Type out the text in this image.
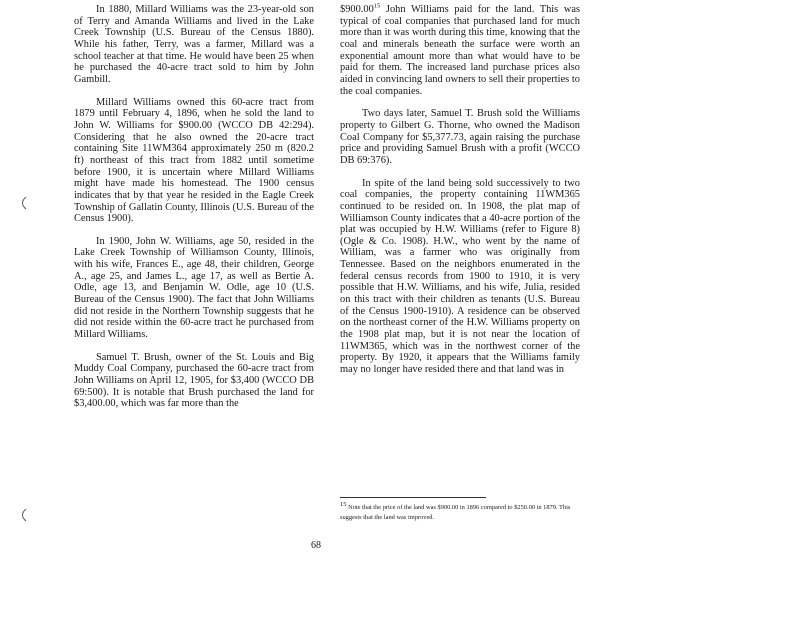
In 1880, Millard Williams was the 23-year-old son of Terry and Amanda Williams and lived in the Lake Creek Township (U.S. Bureau of the Census 1880). While his father, Terry, was a farmer, Millard was a school teacher at that time. He would have been 25 when he purchased the 40-acre tract sold to him by John Gambill.

Millard Williams owned this 60-acre tract from 1879 until February 4, 1896, when he sold the land to John W. Williams for $900.00 (WCCO DB 42:294). Considering that he also owned the 20-acre tract containing Site 11WM364 approximately 250 m (820.2 ft) northeast of this tract from 1882 until sometime before 1900, it is uncertain where Millard Williams might have made his homestead. The 1900 census indicates that by that year he resided in the Eagle Creek Township of Gallatin County, Illinois (U.S. Bureau of the Census 1900).

In 1900, John W. Williams, age 50, resided in the Lake Creek Township of Williamson County, Illinois, with his wife, Frances E., age 48, their children, George A., age 25, and James L., age 17, as well as Bertie A. Odle, age 13, and Benjamin W. Odle, age 10 (U.S. Bureau of the Census 1900). The fact that John Williams did not reside in the Northern Township suggests that he did not reside within the 60-acre tract he purchased from Millard Williams.

Samuel T. Brush, owner of the St. Louis and Big Muddy Coal Company, purchased the 60-acre tract from John Williams on April 12, 1905, for $3,400 (WCCO DB 69:500). It is notable that Brush purchased the land for $3,400.00, which was far more than the

$900.00$^{15}$ John Williams paid for the land. This was typical of coal companies that purchased land for much more than it was worth during this time, knowing that the coal and minerals beneath the surface were worth an exponential amount more than what would have to be paid for them. The increased land purchase prices also aided in convincing land owners to sell their properties to the coal companies.

Two days later, Samuel T. Brush sold the Williams property to Gilbert G. Thorne, who owned the Madison Coal Company for $5,377.73, again raising the purchase price and providing Samuel Brush with a profit (WCCO DB 69:376).

In spite of the land being sold successively to two coal companies, the property containing 11WM365 continued to be resided on. In 1908, the plat map of Williamson County indicates that a 40-acre portion of the plat was occupied by H.W. Williams (refer to Figure 8) (Ogle & Co. 1908). H.W., who went by the name of William, was a farmer who was originally from Tennessee. Based on the neighbors enumerated in the federal census records from 1900 to 1910, it is very possible that H.W. Williams, and his wife, Julia, resided on this tract with their children as tenants (U.S. Bureau of the Census 1900-1910). A residence can be observed on the northeast corner of the H.W. Williams property on the 1908 plat map, but it is not near the location of 11WM365, which was in the northwest corner of the property. By 1920, it appears that the Williams family may no longer have resided there and that land was in

15 Note that the price of the land was $900.00 in 1896 compared to $250.00 in 1879. This suggests that the land was improved.
68
